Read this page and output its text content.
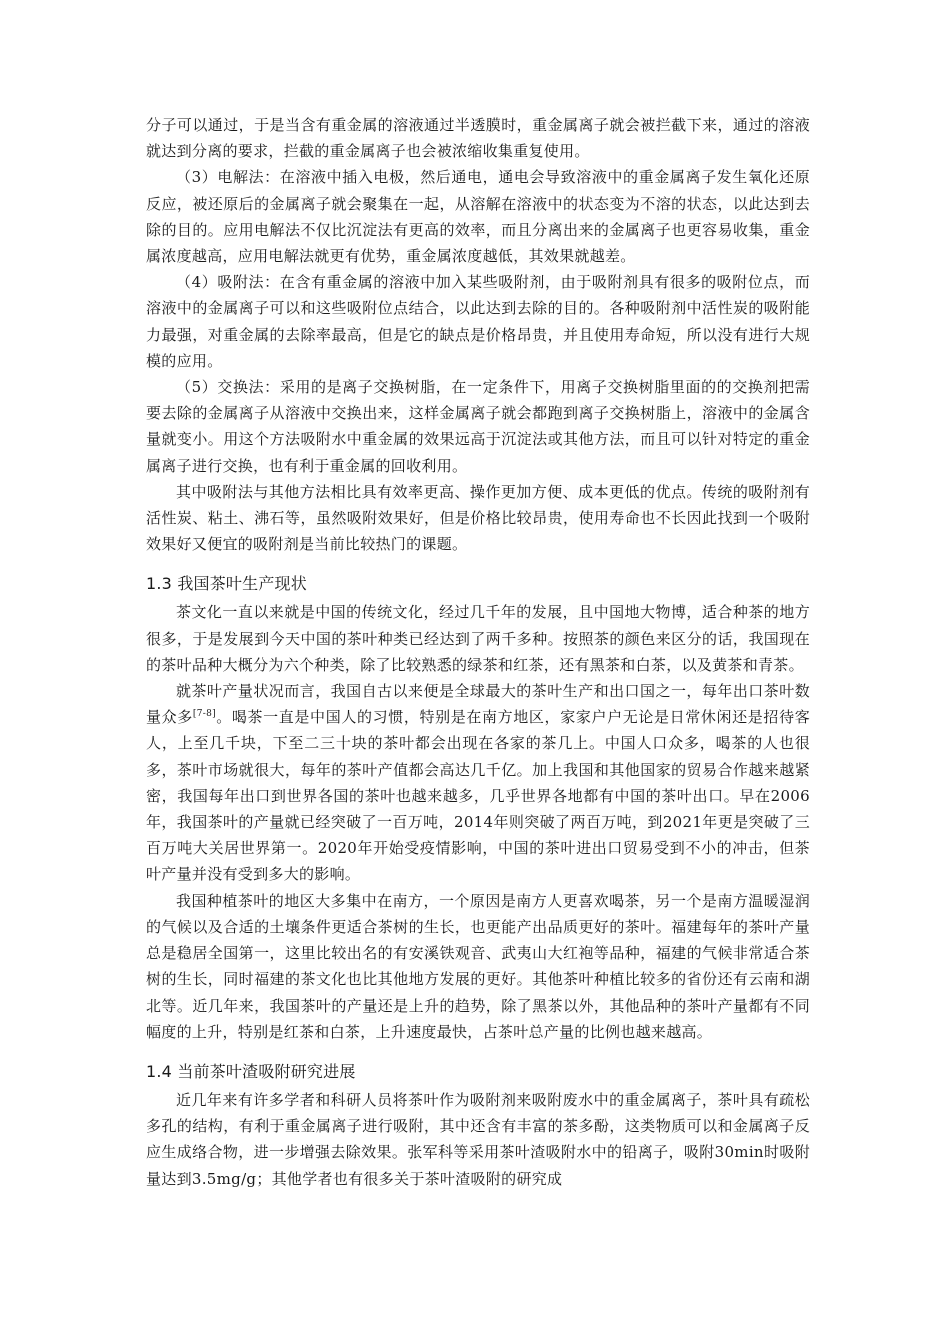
分子可以通过，于是当含有重金属的溶液通过半透膜时，重金属离子就会被拦截下来，通过的溶液就达到分离的要求，拦截的重金属离子也会被浓缩收集重复使用。

（3）电解法：在溶液中插入电极，然后通电，通电会导致溶液中的重金属离子发生氧化还原反应，被还原后的金属离子就会聚集在一起，从溶解在溶液中的状态变为不溶的状态，以此达到去除的目的。应用电解法不仅比沉淀法有更高的效率，而且分离出来的金属离子也更容易收集，重金属浓度越高，应用电解法就更有优势，重金属浓度越低，其效果就越差。

（4）吸附法：在含有重金属的溶液中加入某些吸附剂，由于吸附剂具有很多的吸附位点，而溶液中的金属离子可以和这些吸附位点结合，以此达到去除的目的。各种吸附剂中活性炭的吸附能力最强，对重金属的去除率最高，但是它的缺点是价格昂贵，并且使用寿命短，所以没有进行大规模的应用。

（5）交换法：采用的是离子交换树脂，在一定条件下，用离子交换树脂里面的的交换剂把需要去除的金属离子从溶液中交换出来，这样金属离子就会都跑到离子交换树脂上，溶液中的金属含量就变小。用这个方法吸附水中重金属的效果远高于沉淀法或其他方法，而且可以针对特定的重金属离子进行交换，也有利于重金属的回收利用。

其中吸附法与其他方法相比具有效率更高、操作更加方便、成本更低的优点。传统的吸附剂有活性炭、粘土、沸石等，虽然吸附效果好，但是价格比较昂贵，使用寿命也不长因此找到一个吸附效果好又便宜的吸附剂是当前比较热门的课题。

1.3 我国茶叶生产现状

茶文化一直以来就是中国的传统文化，经过几千年的发展，且中国地大物博，适合种茶的地方很多，于是发展到今天中国的茶叶种类已经达到了两千多种。按照茶的颜色来区分的话，我国现在的茶叶品种大概分为六个种类，除了比较熟悉的绿茶和红茶，还有黑茶和白茶，以及黄茶和青茶。

就茶叶产量状况而言，我国自古以来便是全球最大的茶叶生产和出口国之一，每年出口茶叶数量众多[7-8]。喝茶一直是中国人的习惯，特别是在南方地区，家家户户无论是日常休闲还是招待客人，上至几千块，下至二三十块的茶叶都会出现在各家的茶几上。中国人口众多，喝茶的人也很多，茶叶市场就很大，每年的茶叶产值都会高达几千亿。加上我国和其他国家的贸易合作越来越紧密，我国每年出口到世界各国的茶叶也越来越多，几乎世界各地都有中国的茶叶出口。早在2006年，我国茶叶的产量就已经突破了一百万吨，2014年则突破了两百万吨，到2021年更是突破了三百万吨大关居世界第一。2020年开始受疫情影响，中国的茶叶进出口贸易受到不小的冲击，但茶叶产量并没有受到多大的影响。

我国种植茶叶的地区大多集中在南方，一个原因是南方人更喜欢喝茶，另一个是南方温暖湿润的气候以及合适的土壤条件更适合茶树的生长，也更能产出品质更好的茶叶。福建每年的茶叶产量总是稳居全国第一，这里比较出名的有安溪铁观音、武夷山大红袍等品种，福建的气候非常适合茶树的生长，同时福建的茶文化也比其他地方发展的更好。其他茶叶种植比较多的省份还有云南和湖北等。近几年来，我国茶叶的产量还是上升的趋势，除了黑茶以外，其他品种的茶叶产量都有不同幅度的上升，特别是红茶和白茶，上升速度最快，占茶叶总产量的比例也越来越高。

1.4 当前茶叶渣吸附研究进展

近几年来有许多学者和科研人员将茶叶作为吸附剂来吸附废水中的重金属离子，茶叶具有疏松多孔的结构，有利于重金属离子进行吸附，其中还含有丰富的茶多酚，这类物质可以和金属离子反应生成络合物，进一步增强去除效果。张军科等采用茶叶渣吸附水中的铅离子，吸附30min时吸附量达到3.5mg/g；其他学者也有很多关于茶叶渣吸附的研究成
